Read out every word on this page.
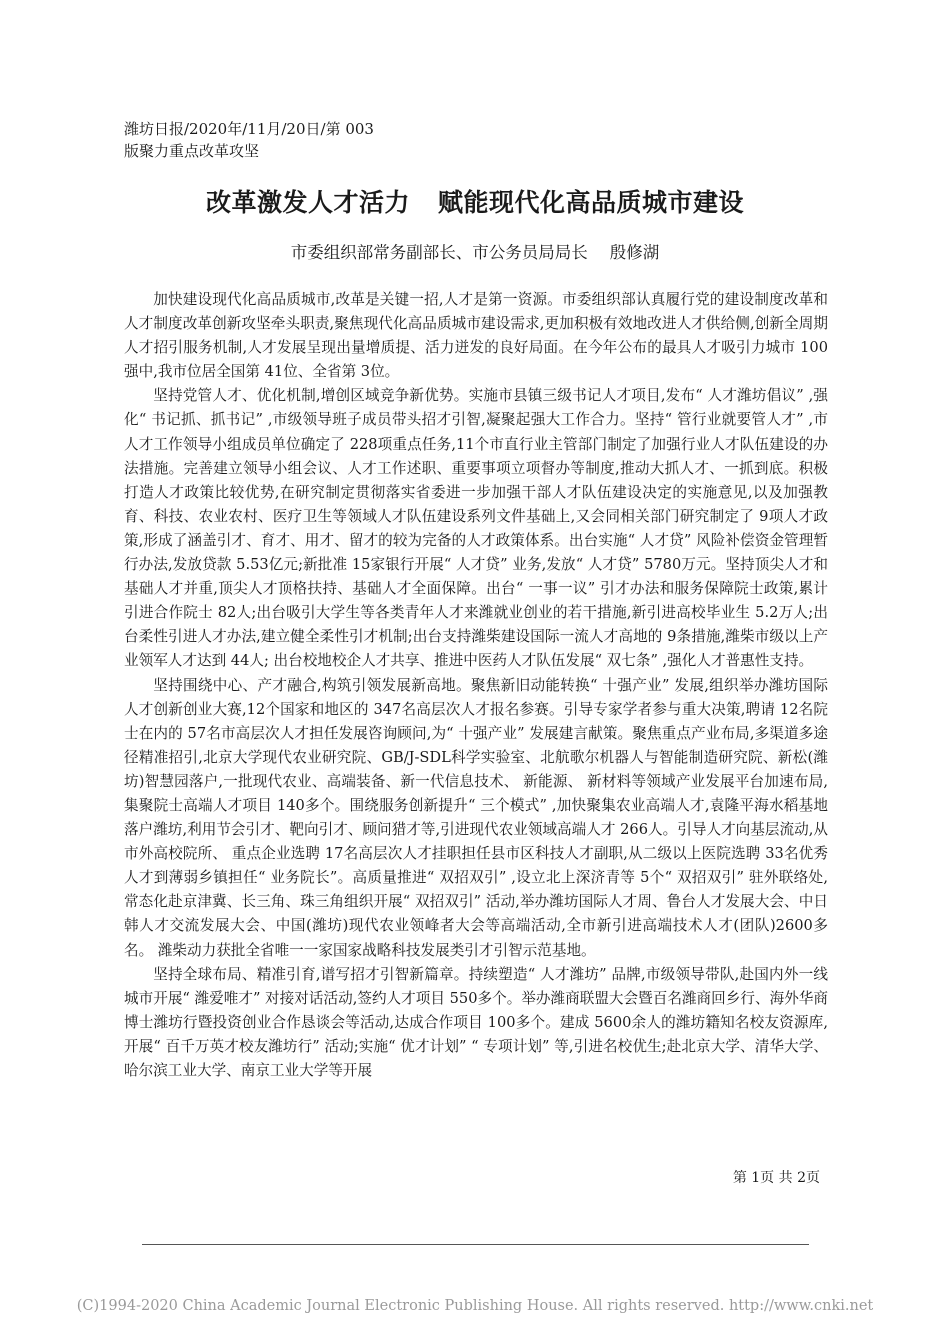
潍坊日报/2020年/11月/20日/第 003
版聚力重点改革攻坚
改革激发人才活力 赋能现代化高品质城市建设
市委组织部常务副部长、市公务员局局长 殷修湖

加快建设现代化高品质城市,改革是关键一招,人才是第一资源。市委组织部认真履行党的建设制度改革和人才制度改革创新攻坚牵头职责,聚焦现代化高品质城市建设需求,更加积极有效地改进人才供给侧,创新全周期人才招引服务机制,人才发展呈现出量增质提、活力迸发的良好局面。在今年公布的最具人才吸引力城市 100强中,我市位居全国第 41位、全省第 3位。

坚持党管人才、优化机制,增创区域竞争新优势。实施市县镇三级书记人才项目,发布“ 人才潍坊倡议” ,强化“ 书记抓、抓书记” ,市级领导班子成员带头招才引智,凝聚起强大工作合力。坚持“ 管行业就要管人才” ,市人才工作领导小组成员单位确定了 228项重点任务,11个市直行业主管部门制定了加强行业人才队伍建设的办法措施。完善建立领导小组会议、人才工作述职、重要事项立项督办等制度,推动大抓人才、一抓到底。积极打造人才政策比较优势,在研究制定贯彻落实省委进一步加强干部人才队伍建设决定的实施意见,以及加强教育、科技、农业农村、医疗卫生等领域人才队伍建设系列文件基础上,又会同相关部门研究制定了 9项人才政策,形成了涵盖引才、育才、用才、留才的较为完备的人才政策体系。出台实施“ 人才贷” 风险补偿资金管理暂行办法,发放贷款 5.53亿元;新批准 15家银行开展“ 人才贷” 业务,发放“ 人才贷” 5780万元。坚持顶尖人才和基础人才并重,顶尖人才顶格扶持、基础人才全面保障。出台“ 一事一议” 引才办法和服务保障院士政策,累计引进合作院士 82人;出台吸引大学生等各类青年人才来潍就业创业的若干措施,新引进高校毕业生 5.2万人;出台柔性引进人才办法,建立健全柔性引才机制;出台支持潍柴建设国际一流人才高地的 9条措施,潍柴市级以上产业领军人才达到 44人; 出台校地校企人才共享、推进中医药人才队伍发展“ 双七条” ,强化人才普惠性支持。

坚持围绕中心、产才融合,构筑引领发展新高地。聚焦新旧动能转换“ 十强产业” 发展,组织举办潍坊国际人才创新创业大赛,12个国家和地区的 347名高层次人才报名参赛。引导专家学者参与重大决策,聘请 12名院士在内的 57名市高层次人才担任发展咨询顾问,为“ 十强产业” 发展建言献策。聚焦重点产业布局,多渠道多途径精准招引,北京大学现代农业研究院、GB/J-SDL科学实验室、北航歌尔机器人与智能制造研究院、新松(潍坊)智慧园落户,一批现代农业、高端装备、新一代信息技术、 新能源、 新材料等领域产业发展平台加速布局,集聚院士高端人才项目 140多个。围绕服务创新提升“ 三个模式” ,加快聚集农业高端人才,袁隆平海水稻基地落户潍坊,利用节会引才、靶向引才、顾问猎才等,引进现代农业领域高端人才 266人。引导人才向基层流动,从市外高校院所、 重点企业选聘 17名高层次人才挂职担任县市区科技人才副职,从二级以上医院选聘 33名优秀人才到薄弱乡镇担任“ 业务院长”。高质量推进“ 双招双引” ,设立北上深济青等 5个“ 双招双引” 驻外联络处,常态化赴京津冀、长三角、珠三角组织开展“ 双招双引” 活动,举办潍坊国际人才周、鲁台人才发展大会、中日韩人才交流发展大会、中国(潍坊)现代农业领峰者大会等高端活动,全市新引进高端技术人才(团队)2600多名。 潍柴动力获批全省唯一一家国家战略科技发展类引才引智示范基地。

坚持全球布局、精准引育,谱写招才引智新篇章。持续塑造“ 人才潍坊” 品牌,市级领导带队,赴国内外一线城市开展“ 潍爱唯才” 对接对话活动,签约人才项目 550多个。举办潍商联盟大会暨百名潍商回乡行、海外华商博士潍坊行暨投资创业合作恳谈会等活动,达成合作项目 100多个。建成 5600余人的潍坊籍知名校友资源库,开展“ 百千万英才校友潍坊行” 活动;实施“ 优才计划” “ 专项计划” 等,引进名校优生;赴北京大学、清华大学、哈尔滨工业大学、南京工业大学等开展

第 1页 共 2页
(C)1994-2020 China Academic Journal Electronic Publishing House. All rights reserved. http://www.cnki.net
